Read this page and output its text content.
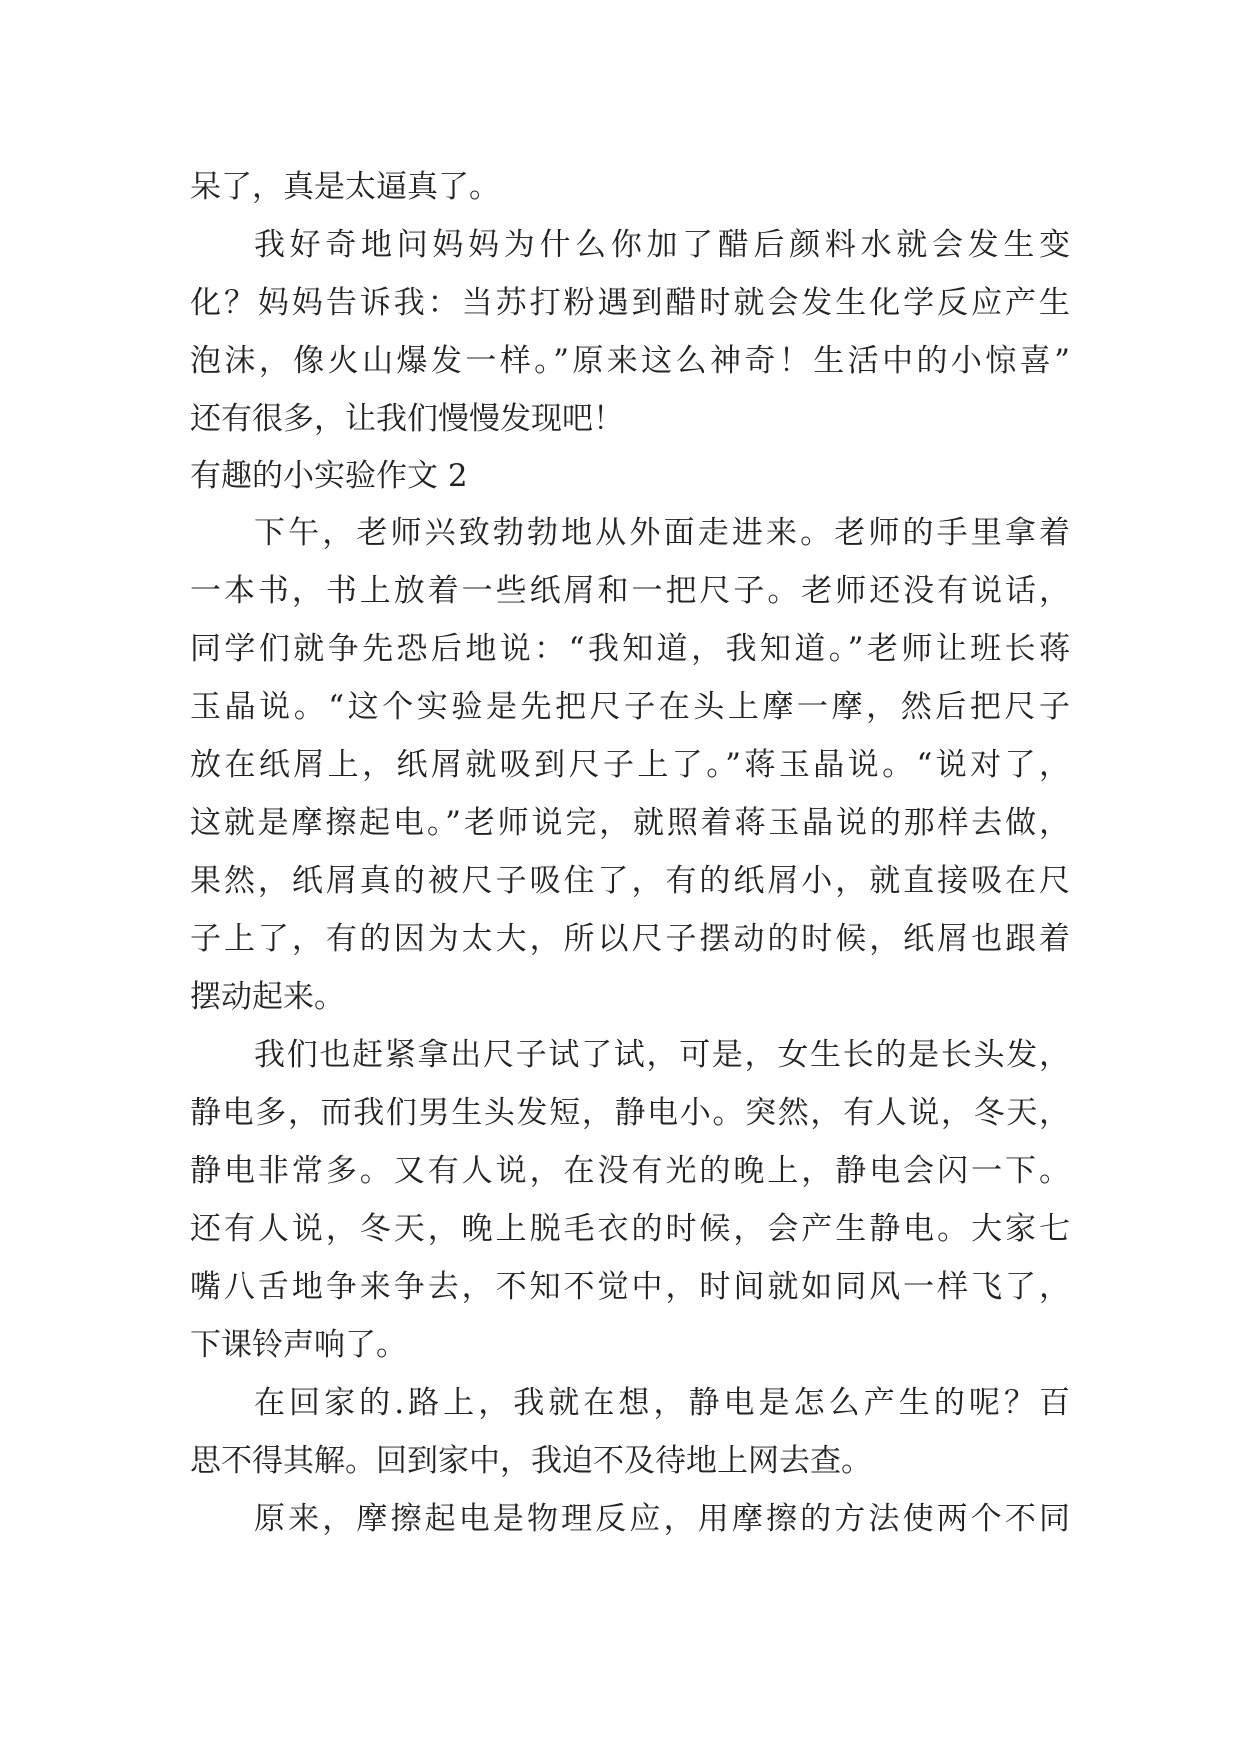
呆了，真是太逼真了。
我好奇地问妈妈为什么你加了醋后颜料水就会发生变
化？妈妈告诉我：当苏打粉遇到醋时就会发生化学反应产生
泡沫，像火山爆发一样。”原来这么神奇！生活中的小惊喜”
还有很多，让我们慢慢发现吧！
有趣的小实验作文 2
下午，老师兴致勃勃地从外面走进来。老师的手里拿着
一本书，书上放着一些纸屑和一把尺子。老师还没有说话，
同学们就争先恐后地说：“我知道，我知道。”老师让班长蒋
玉晶说。“这个实验是先把尺子在头上摩一摩，然后把尺子
放在纸屑上，纸屑就吸到尺子上了。”蒋玉晶说。“说对了，
这就是摩擦起电。”老师说完，就照着蒋玉晶说的那样去做，
果然，纸屑真的被尺子吸住了，有的纸屑小，就直接吸在尺
子上了，有的因为太大，所以尺子摆动的时候，纸屑也跟着
摆动起来。
我们也赶紧拿出尺子试了试，可是，女生长的是长头发，
静电多，而我们男生头发短，静电小。突然，有人说，冬天，
静电非常多。又有人说，在没有光的晚上，静电会闪一下。
还有人说，冬天，晚上脱毛衣的时候，会产生静电。大家七
嘴八舌地争来争去，不知不觉中，时间就如同风一样飞了，
下课铃声响了。
在回家的.路上，我就在想，静电是怎么产生的呢？百
思不得其解。回到家中，我迫不及待地上网去查。
原来，摩擦起电是物理反应，用摩擦的方法使两个不同
